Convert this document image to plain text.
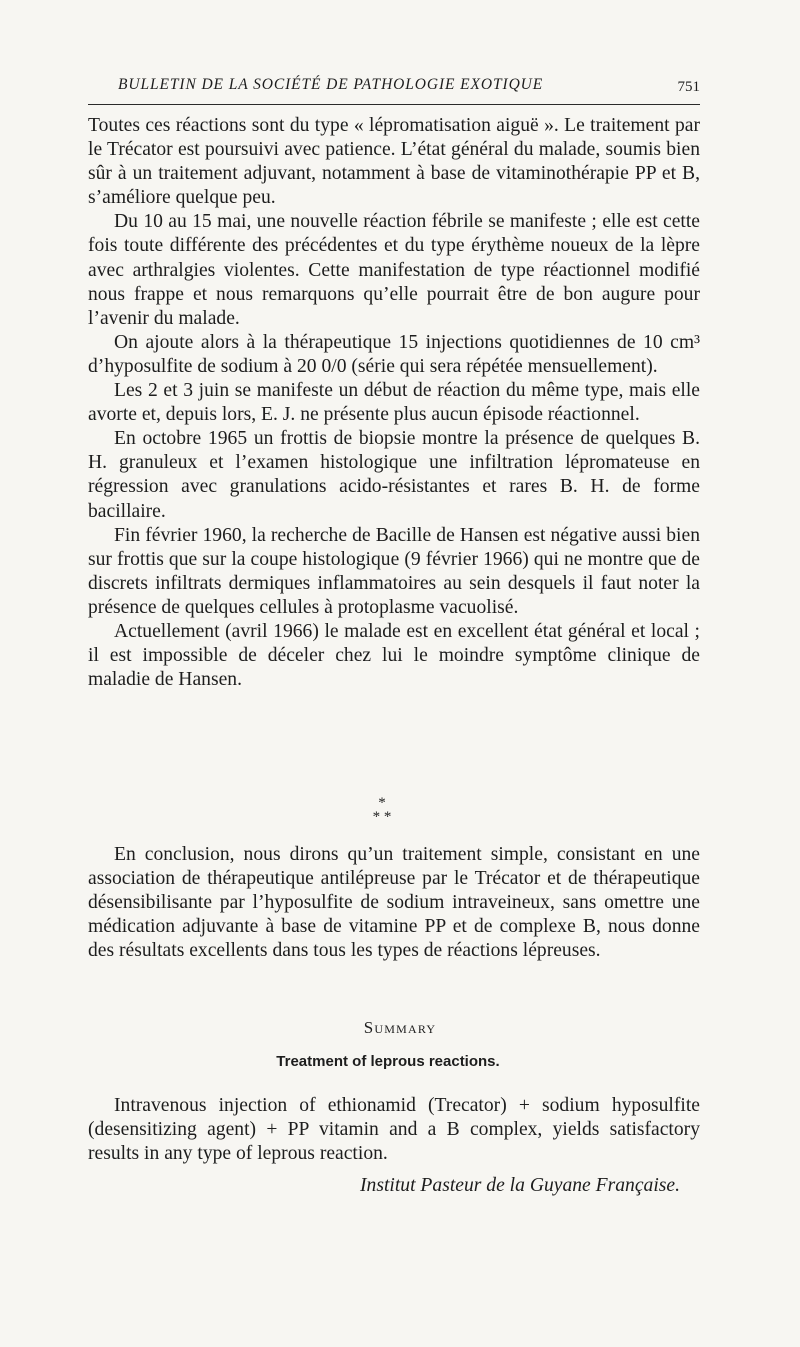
BULLETIN DE LA SOCIÉTÉ DE PATHOLOGIE EXOTIQUE	751

Toutes ces réactions sont du type « lépromatisation aiguë ». Le traitement par le Trécator est poursuivi avec patience. L’état général du malade, soumis bien sûr à un traitement adjuvant, notamment à base de vitaminothérapie PP et B, s’améliore quelque peu.

Du 10 au 15 mai, une nouvelle réaction fébrile se manifeste ; elle est cette fois toute différente des précédentes et du type érythème noueux de la lèpre avec arthralgies violentes. Cette manifestation de type réactionnel modifié nous frappe et nous remarquons qu’elle pourrait être de bon augure pour l’avenir du malade.

On ajoute alors à la thérapeutique 15 injections quotidiennes de 10 cm³ d’hyposulfite de sodium à 20 0/0 (série qui sera répétée mensuellement).

Les 2 et 3 juin se manifeste un début de réaction du même type, mais elle avorte et, depuis lors, E. J. ne présente plus aucun épisode réactionnel.

En octobre 1965 un frottis de biopsie montre la présence de quelques B. H. granuleux et l’examen histologique une infiltration lépromateuse en régression avec granulations acido-résistantes et rares B. H. de forme bacillaire.

Fin février 1960, la recherche de Bacille de Hansen est négative aussi bien sur frottis que sur la coupe histologique (9 février 1966) qui ne montre que de discrets infiltrats dermiques inflammatoires au sein desquels il faut noter la présence de quelques cellules à protoplasme vacuolisé.

Actuellement (avril 1966) le malade est en excellent état général et local ; il est impossible de déceler chez lui le moindre symptôme clinique de maladie de Hansen.

*
* *

En conclusion, nous dirons qu’un traitement simple, consistant en une association de thérapeutique antilépreuse par le Trécator et de thérapeutique désensibilisante par l’hyposulfite de sodium intraveineux, sans omettre une médication adjuvante à base de vitamine PP et de complexe B, nous donne des résultats excellents dans tous les types de réactions lépreuses.

Summary
Treatment of leprous reactions.

Intravenous injection of ethionamid (Trecator) + sodium hyposulfite (desensitizing agent) + PP vitamin and a B complex, yields satisfactory results in any type of leprous reaction.

Institut Pasteur de la Guyane Française.
